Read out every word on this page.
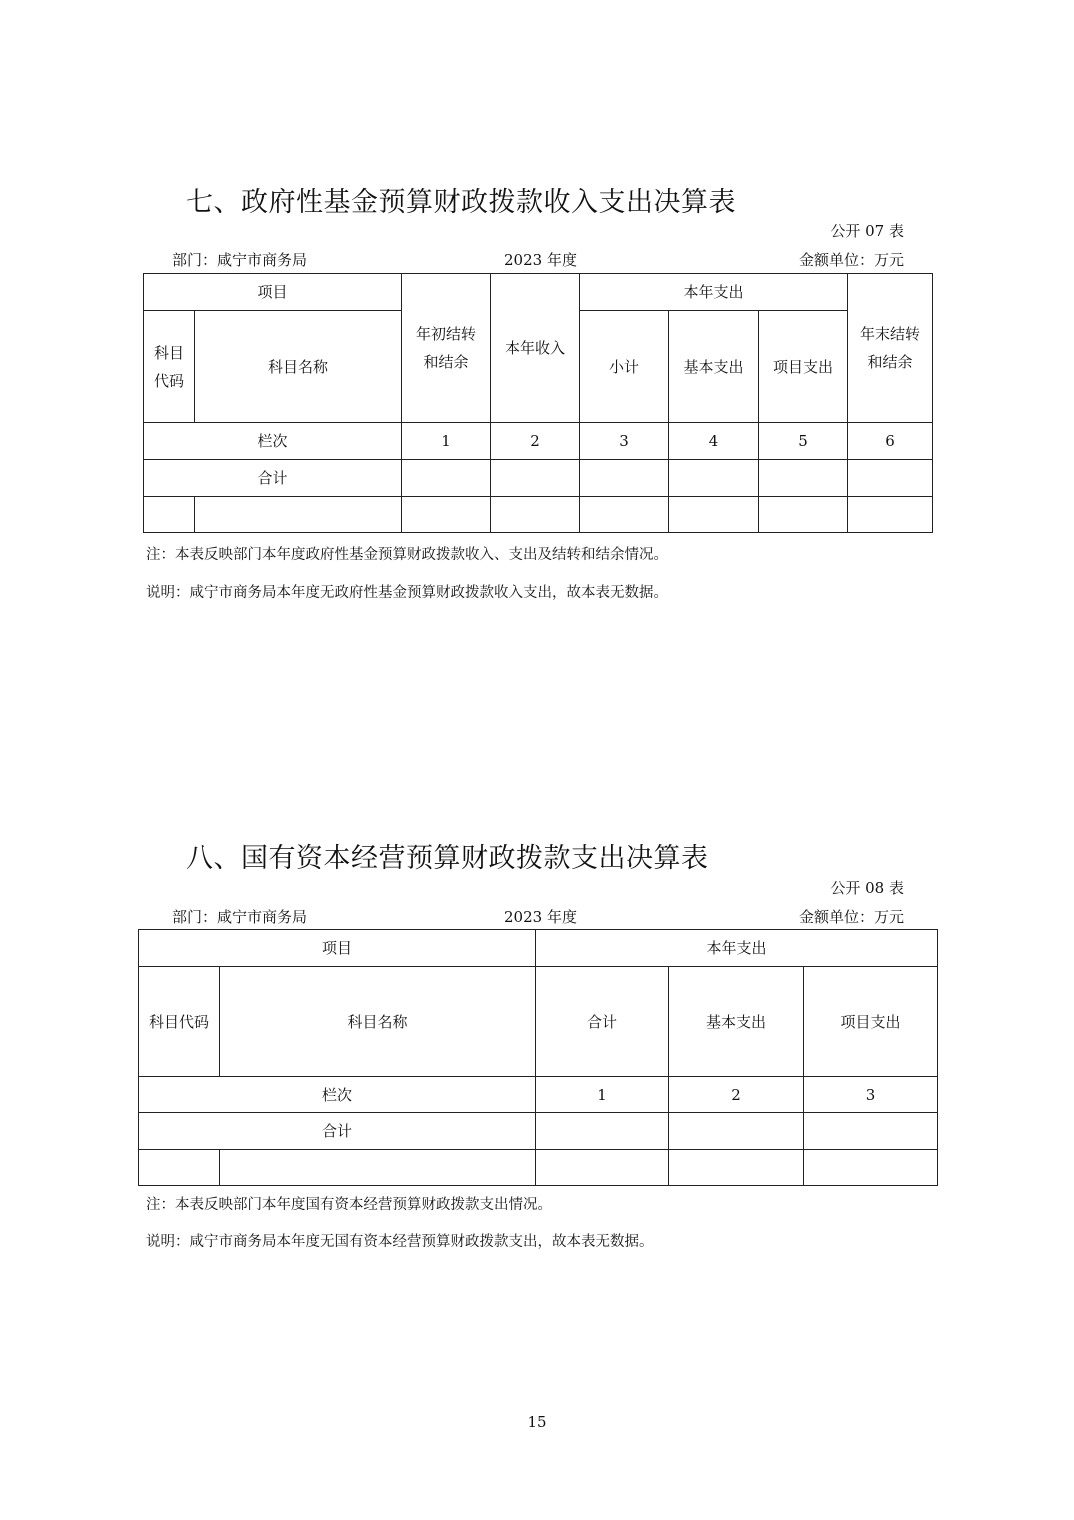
七、政府性基金预算财政拨款收入支出决算表
公开 07 表
部门：咸宁市商务局	2023 年度	金额单位：万元
项目		年初结转和结余	本年收入	本年支出			年末结转和结余

科目代码	科目名称			小计	基本支出	项目支出	
栏次		1	2	3	4	5	6
合计							

注：本表反映部门本年度政府性基金预算财政拨款收入、支出及结转和结余情况。
说明：咸宁市商务局本年度无政府性基金预算财政拨款收入支出，故本表无数据。
八、国有资本经营预算财政拨款支出决算表
公开 08 表
部门：咸宁市商务局	2023 年度	金额单位：万元
项目		本年支出		
科目代码	科目名称	合计	基本支出	项目支出
栏次		1	2	3
合计				

注：本表反映部门本年度国有资本经营预算财政拨款支出情况。
说明：咸宁市商务局本年度无国有资本经营预算财政拨款支出，故本表无数据。
15
